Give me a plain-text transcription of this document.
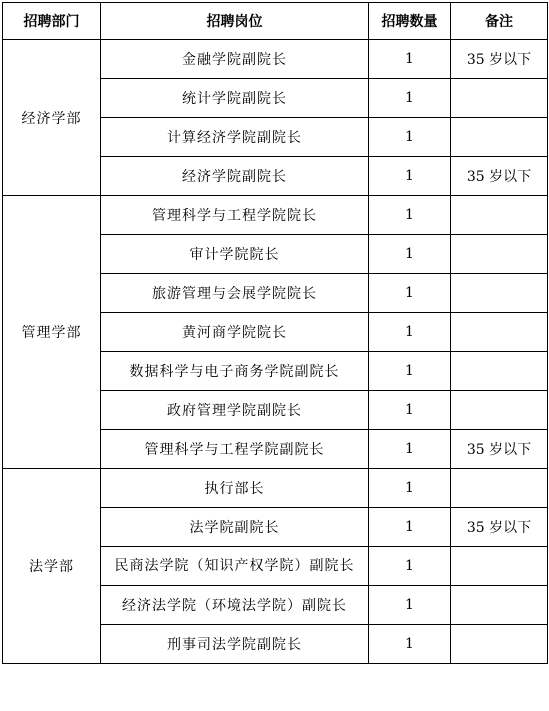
招聘部门	招聘岗位	招聘数量	备注
经济学部	金融学院副院长	1	35 岁以下
	统计学院副院长	1	
	计算经济学院副院长	1	
	经济学院副院长	1	35 岁以下
管理学部	管理科学与工程学院院长	1	
	审计学院院长	1	
	旅游管理与会展学院院长	1	
	黄河商学院院长	1	
	数据科学与电子商务学院副院长	1	
	政府管理学院副院长	1	
	管理科学与工程学院副院长	1	35 岁以下
法学部	执行部长	1	
	法学院副院长	1	35 岁以下
	民商法学院（知识产权学院）副院长	1	
	经济法学院（环境法学院）副院长	1	
	刑事司法学院副院长	1	
